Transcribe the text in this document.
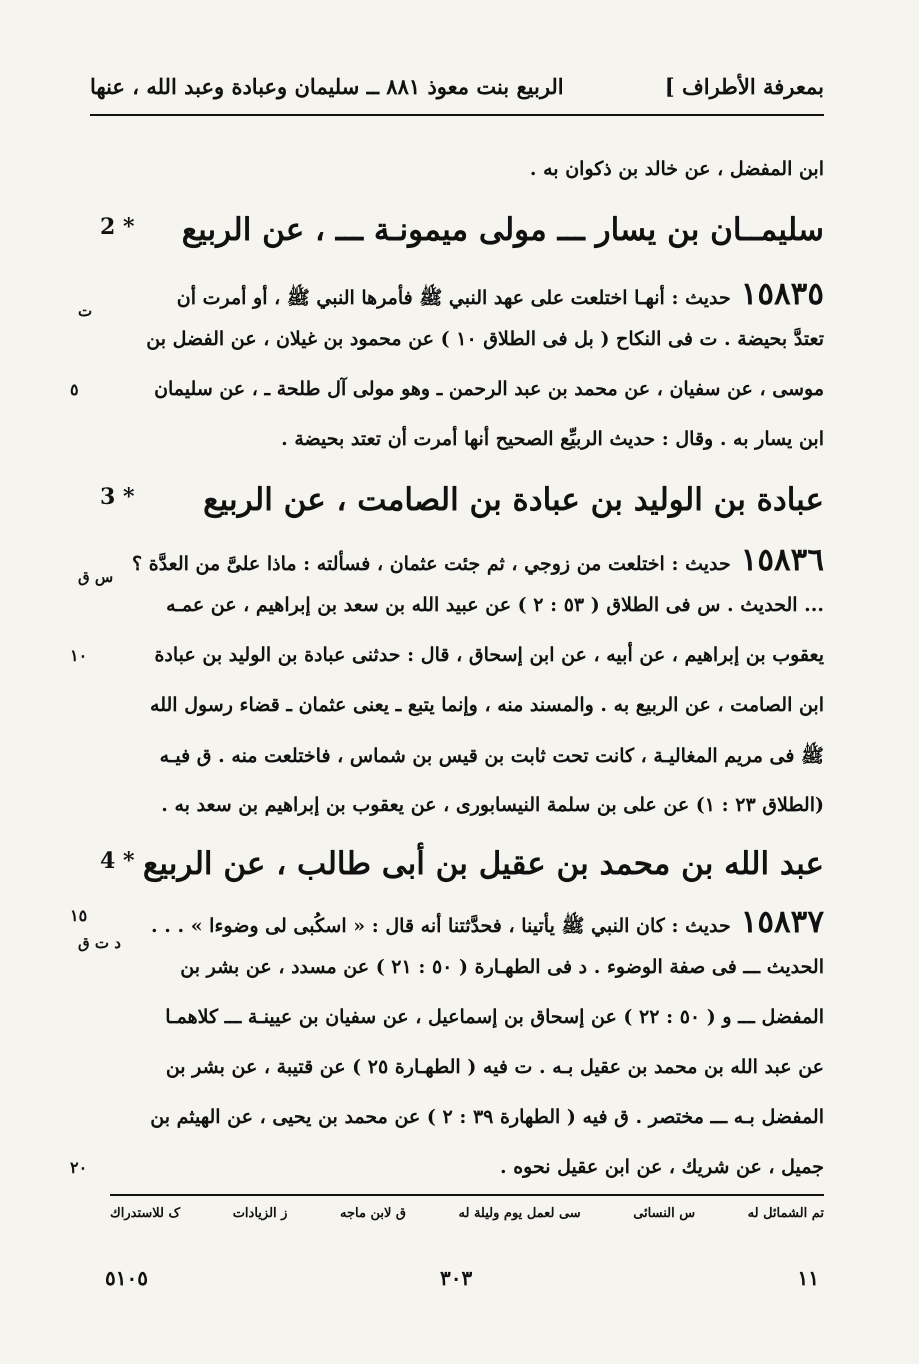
بمعرفة الأطراف ]
الربيع بنت معوذ ٨٨١ ــ سليمان وعبادة وعبد الله ، عنها
ابن المفضل ، عن خالد بن ذكوان به .
سليمــان بن يسار ـــ مولى ميمونـة ـــ ، عن الربيع
2 *
١٥٨٣٥حديث : أنهـا اختلعت على عهد النبي ﷺ فأمرها النبي ﷺ ، أو أمرت أن
ت
تعتدَّ بحيضة . ت فى النكاح ( بل فى الطلاق ١٠ ) عن محمود بن غيلان ، عن الفضل بن
موسى ، عن سفيان ، عن محمد بن عبد الرحمن ـ وهو مولى آل طلحة ـ ، عن سليمان
٥
ابن يسار به . وقال : حديث الربيِّع الصحيح أنها أمرت أن تعتد بحيضة .
عبادة بن الوليد بن عبادة بن الصامت ، عن الربيع
3 *
١٥٨٣٦حديث : اختلعت من زوجي ، ثم جئت عثمان ، فسألته : ماذا علىَّ من العدَّة ؟
س ق
... الحديث . س فى الطلاق ( ٥٣ : ٢ ) عن عبيد الله بن سعد بن إبراهيم ، عن عمـه
يعقوب بن إبراهيم ، عن أبيه ، عن ابن إسحاق ، قال : حدثنى عبادة بن الوليد بن عبادة
١٠
ابن الصامت ، عن الربيع به . والمسند منه ، وإنما يتبع ـ يعنى عثمان ـ قضاء رسول الله
ﷺ فى مريم المغاليـة ، كانت تحت ثابت بن قيس بن شماس ، فاختلعت منه . ق فيـه
(الطلاق ٢٣ : ١) عن على بن سلمة النيسابورى ، عن يعقوب بن إبراهيم بن سعد به .
عبد الله بن محمد بن عقيل بن أبى طالب ، عن الربيع
4 *
١٥٨٣٧حديث : كان النبي ﷺ يأتينا ، فحدَّثتنا أنه قال : « اسكُبى لى وضوءا » . . .
١٥
د ت ق
الحديث ـــ فى صفة الوضوء . د فى الطهـارة ( ٥٠ : ٢١ ) عن مسدد ، عن بشر بن
المفضل ـــ و ( ٥٠ : ٢٢ ) عن إسحاق بن إسماعيل ، عن سفيان بن عيينـة ـــ كلاهمـا
عن عبد الله بن محمد بن عقيل بـه . ت فيه ( الطهـارة ٢٥ ) عن قتيبة ، عن بشر بن
المفضل بـه ـــ مختصر . ق فيه ( الطهارة ٣٩ : ٢ ) عن محمد بن يحيى ، عن الهيثم بن
جميل ، عن شريك ، عن ابن عقيل نحوه .
٢٠
تم الشمائل له
س النسائى
سى لعمل يوم وليلة له
ق لابن ماجه
ز الزيادات
ک للاستدراك
١١
٣٠٣
٥١٠٥
